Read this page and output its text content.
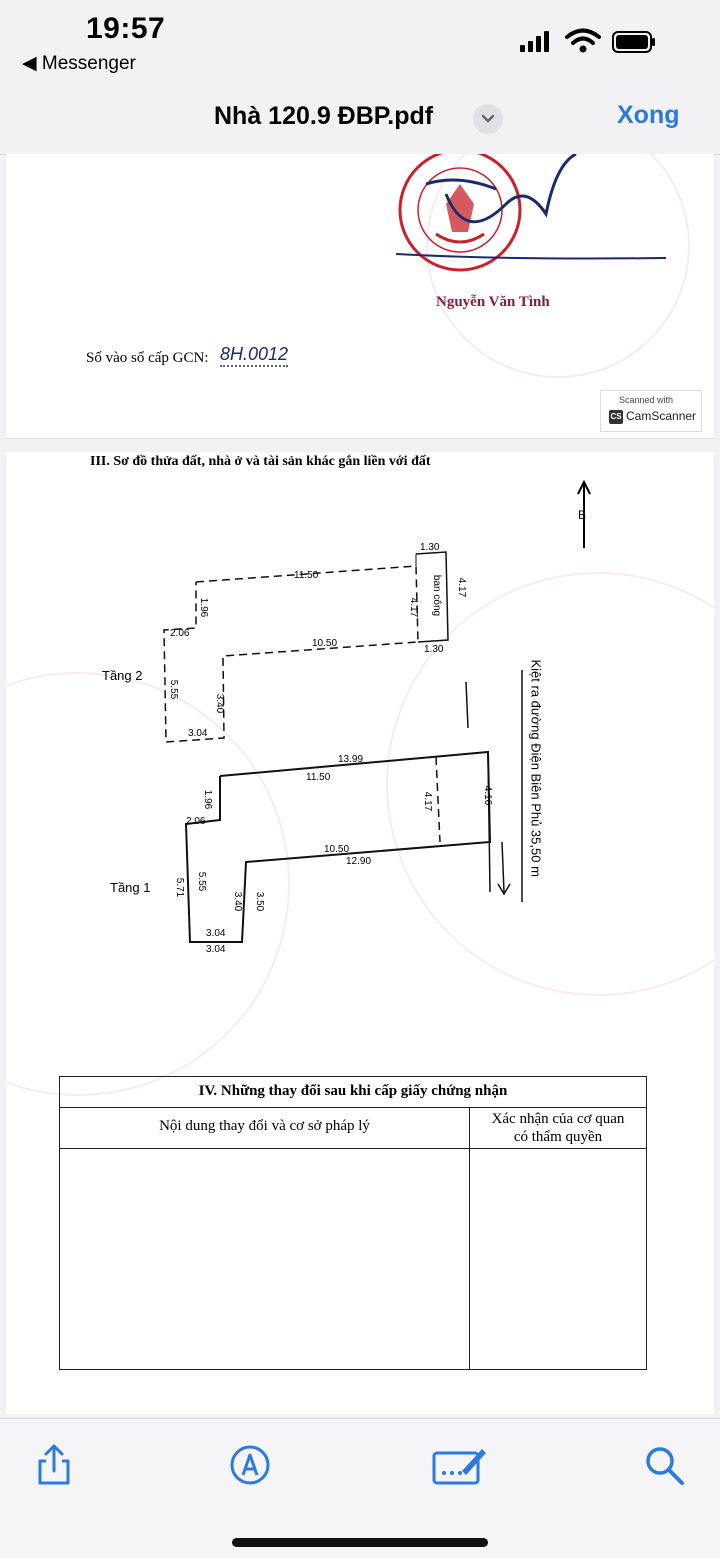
19:57
◀ Messenger
Nhà 120.9 ĐBP.pdf	Xong
Nguyễn Văn Tình
Số vào sổ cấp GCN: 8H.0012
Scanned with
CS CamScanner
III. Sơ đồ thửa đất, nhà ở và tài sản khác gắn liền với đất
B
Tầng 2
11.50
1.30
4.17
ban công
4.17
1.30
10.50
1.96
2.06
5.55
3.40
3.04
Tầng 1
13.99
11.50
4.17	4.16
10.50
12.90
1.96
2.06
5.55
5.71
3.40 3.50
3.04
3.04
Kiệt ra đường Điện Biên Phủ 35,50 m
IV. Những thay đổi sau khi cấp giấy chứng nhận
Nội dung thay đổi và cơ sở pháp lý	Xác nhận của cơ quan
có thẩm quyền
